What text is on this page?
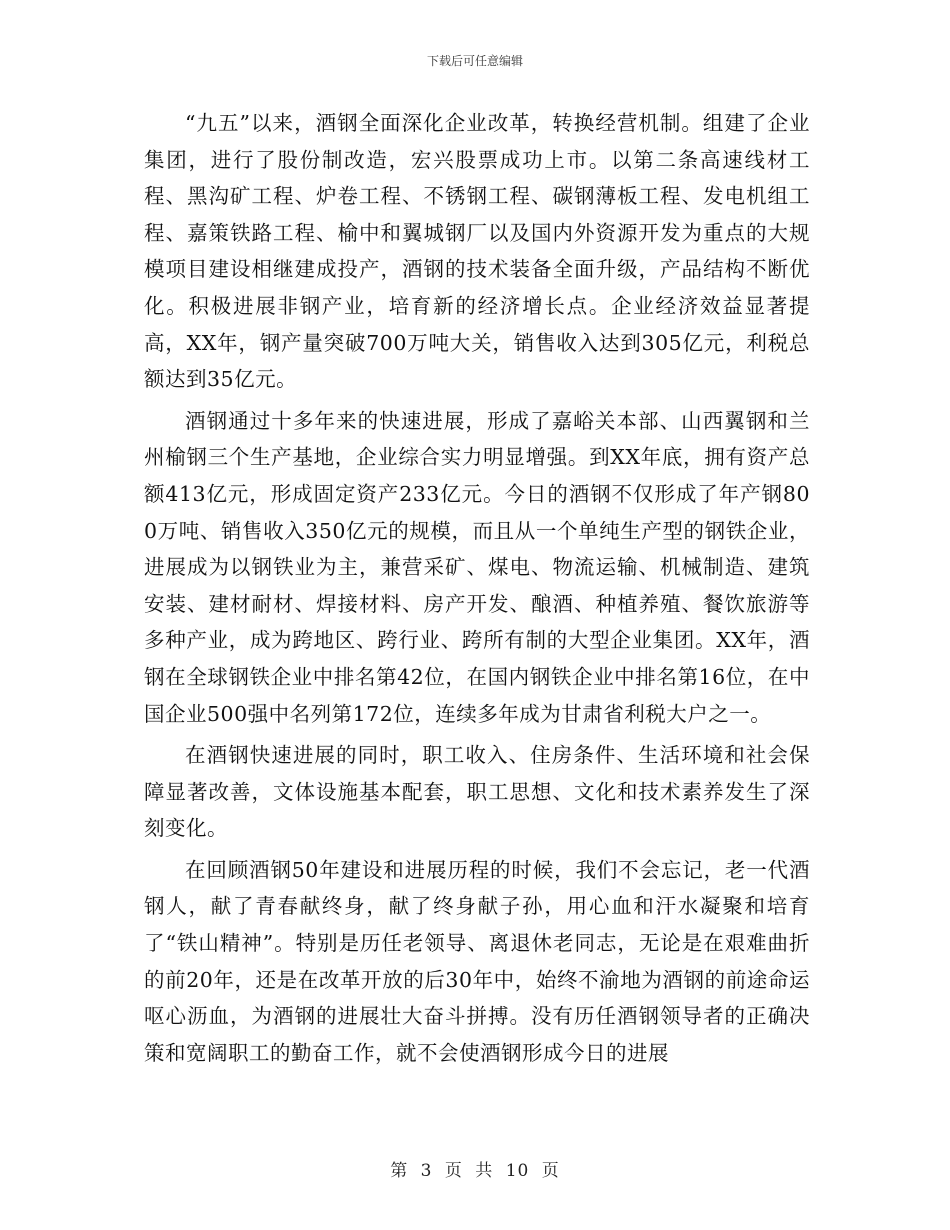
下载后可任意编辑

“九五”以来，酒钢全面深化企业改革，转换经营机制。组建了企业集团，进行了股份制改造，宏兴股票成功上市。以第二条高速线材工程、黑沟矿工程、炉卷工程、不锈钢工程、碳钢薄板工程、发电机组工程、嘉策铁路工程、榆中和翼城钢厂以及国内外资源开发为重点的大规模项目建设相继建成投产，酒钢的技术装备全面升级，产品结构不断优化。积极进展非钢产业，培育新的经济增长点。企业经济效益显著提高，XX年，钢产量突破700万吨大关，销售收入达到305亿元，利税总额达到35亿元。

酒钢通过十多年来的快速进展，形成了嘉峪关本部、山西翼钢和兰州榆钢三个生产基地，企业综合实力明显增强。到XX年底，拥有资产总额413亿元，形成固定资产233亿元。今日的酒钢不仅形成了年产钢800万吨、销售收入350亿元的规模，而且从一个单纯生产型的钢铁企业，进展成为以钢铁业为主，兼营采矿、煤电、物流运输、机械制造、建筑安装、建材耐材、焊接材料、房产开发、酿酒、种植养殖、餐饮旅游等多种产业，成为跨地区、跨行业、跨所有制的大型企业集团。XX年，酒钢在全球钢铁企业中排名第42位，在国内钢铁企业中排名第16位，在中国企业500强中名列第172位，连续多年成为甘肃省利税大户之一。

在酒钢快速进展的同时，职工收入、住房条件、生活环境和社会保障显著改善，文体设施基本配套，职工思想、文化和技术素养发生了深刻变化。

在回顾酒钢50年建设和进展历程的时候，我们不会忘记，老一代酒钢人，献了青春献终身，献了终身献子孙，用心血和汗水凝聚和培育了“铁山精神”。特别是历任老领导、离退休老同志，无论是在艰难曲折的前20年，还是在改革开放的后30年中，始终不渝地为酒钢的前途命运呕心沥血，为酒钢的进展壮大奋斗拼搏。没有历任酒钢领导者的正确决策和宽阔职工的勤奋工作，就不会使酒钢形成今日的进展

第 3 页 共 10 页
